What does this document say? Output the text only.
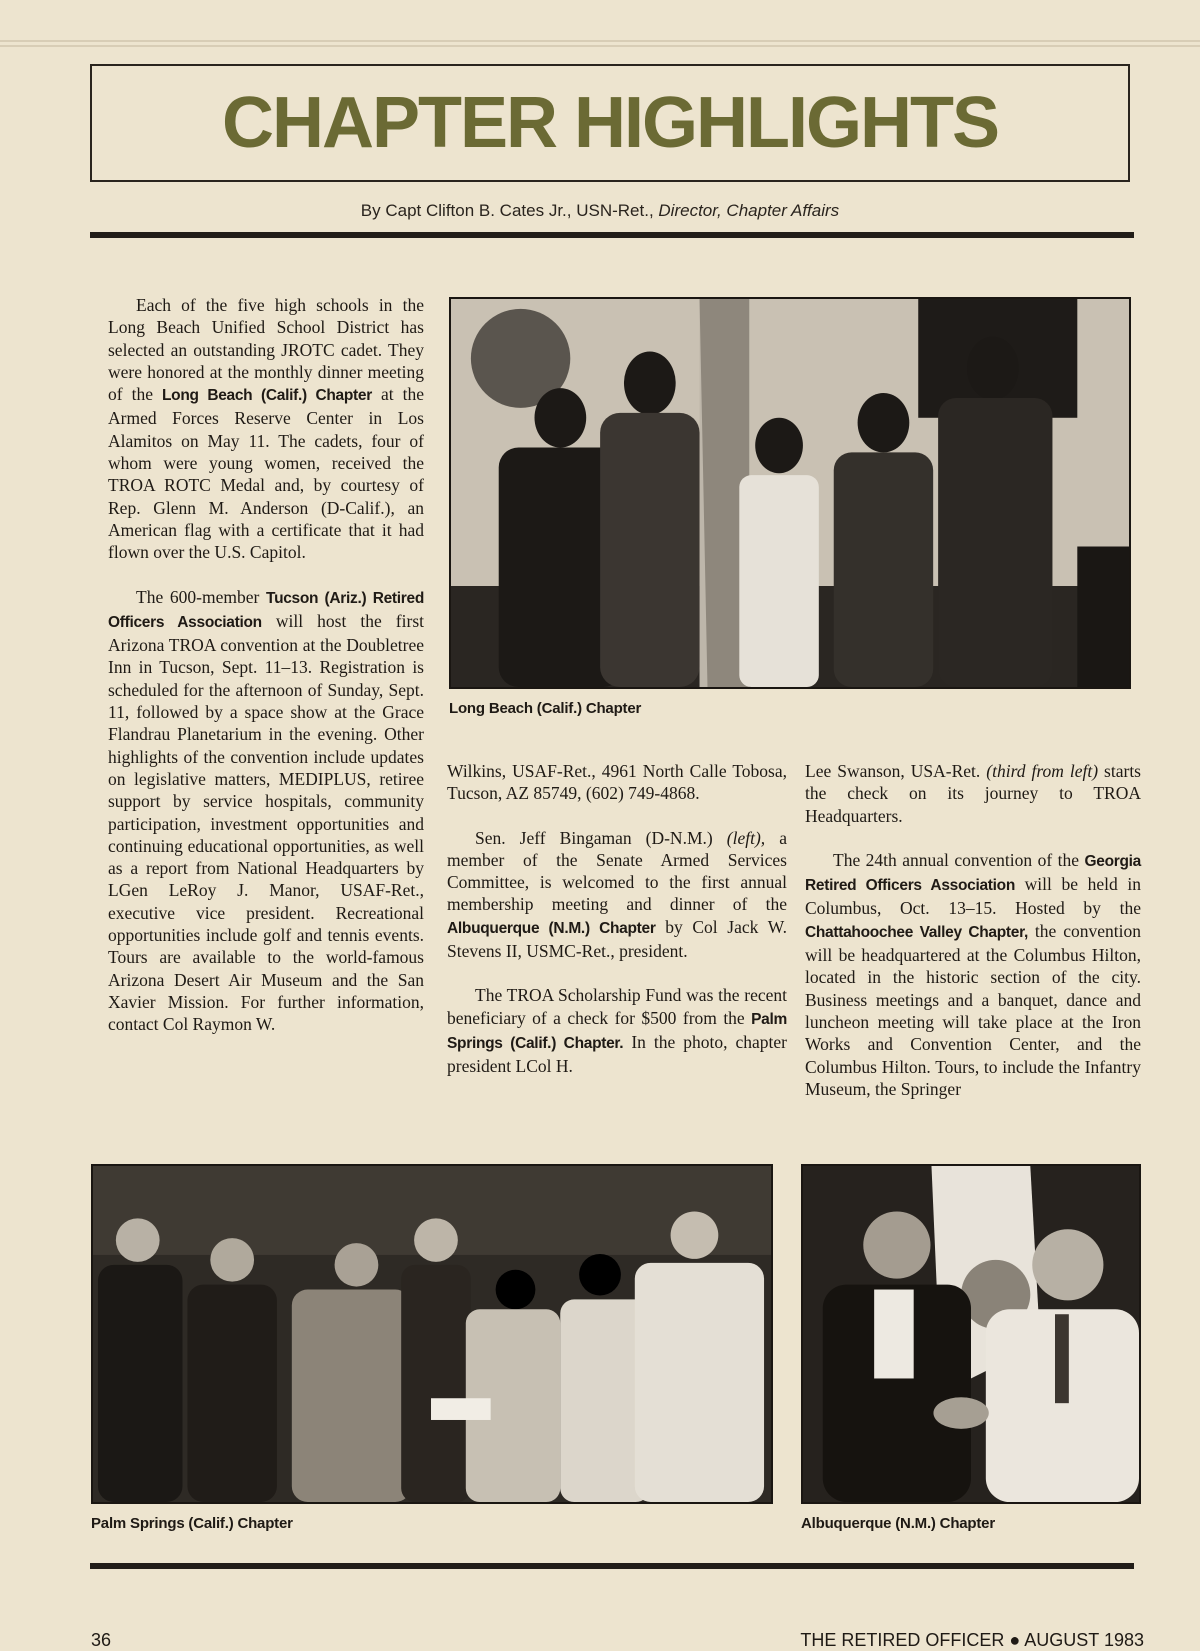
CHAPTER HIGHLIGHTS
By Capt Clifton B. Cates Jr., USN-Ret., Director, Chapter Affairs

Each of the five high schools in the Long Beach Unified School District has selected an outstanding JROTC cadet. They were honored at the monthly dinner meeting of the Long Beach (Calif.) Chapter at the Armed Forces Reserve Center in Los Alamitos on May 11. The cadets, four of whom were young women, received the TROA ROTC Medal and, by courtesy of Rep. Glenn M. Anderson (D-Calif.), an American flag with a certificate that it had flown over the U.S. Capitol.

The 600-member Tucson (Ariz.) Retired Officers Association will host the first Arizona TROA convention at the Doubletree Inn in Tucson, Sept. 11–13. Registration is scheduled for the afternoon of Sunday, Sept. 11, followed by a space show at the Grace Flandrau Planetarium in the evening. Other highlights of the convention include updates on legislative matters, MEDIPLUS, retiree support by service hospitals, community participation, investment opportunities and continuing educational opportunities, as well as a report from National Headquarters by LGen LeRoy J. Manor, USAF-Ret., executive vice president. Recreational opportunities include golf and tennis events. Tours are available to the world-famous Arizona Desert Air Museum and the San Xavier Mission. For further information, contact Col Raymon W.

Long Beach (Calif.) Chapter

Wilkins, USAF-Ret., 4961 North Calle Tobosa, Tucson, AZ 85749, (602) 749-4868.

Sen. Jeff Bingaman (D-N.M.) (left), a member of the Senate Armed Services Committee, is welcomed to the first annual membership meeting and dinner of the Albuquerque (N.M.) Chapter by Col Jack W. Stevens II, USMC-Ret., president.

The TROA Scholarship Fund was the recent beneficiary of a check for $500 from the Palm Springs (Calif.) Chapter. In the photo, chapter president LCol H.

Lee Swanson, USA-Ret. (third from left) starts the check on its journey to TROA Headquarters.

The 24th annual convention of the Georgia Retired Officers Association will be held in Columbus, Oct. 13–15. Hosted by the Chattahoochee Valley Chapter, the convention will be headquartered at the Columbus Hilton, located in the historic section of the city. Business meetings and a banquet, dance and luncheon meeting will take place at the Iron Works and Convention Center, and the Columbus Hilton. Tours, to include the Infantry Museum, the Springer

Palm Springs (Calif.) Chapter	Albuquerque (N.M.) Chapter
36	THE RETIRED OFFICER ● AUGUST 1983
